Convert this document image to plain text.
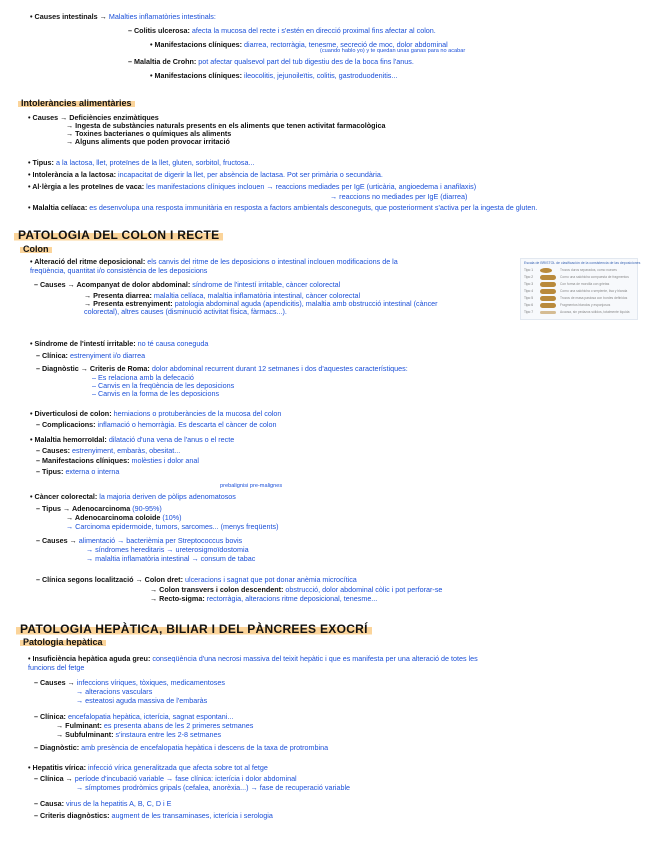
• Causes intestinals → Malalties inflamatòries intestinals:
– Colitis ulcerosa: afecta la mucosa del recte i s'estén en direcció proximal fins afectar al colon.
• Manifestacions clíniques: diarrea, rectorràgia, tenesme, secreció de moc, dolor abdominal
(cuando hablo yo) y te quedan unas ganas para no acabar
– Malaltia de Crohn: pot afectar qualsevol part del tub digestiu des de la boca fins l'anus.
• Manifestacions clíniques: ileocolitis, jejunoileïtis, colitis, gastroduodenitis...
• Causes → Deficiències enzimàtiques
→ Ingesta de substàncies naturals presents en els aliments que tenen activitat farmacològica
→ Toxines bacterianes o químiques als aliments
→ Alguns aliments que poden provocar irritació
• Tipus: a la lactosa, llet, proteïnes de la llet, gluten, sorbitol, fructosa...
• Intolerància a la lactosa: incapacitat de digerir la llet, per absència de lactasa. Pot ser primària o secundària.
• Al·lèrgia a les proteïnes de vaca: les manifestacions clíniques inclouen → reaccions mediades per IgE (urticària, angioedema i anafilaxis)
→ reaccions no mediades per IgE (diarrea)
• Malaltia celíaca: es desenvolupa una resposta immunitària en resposta a factors ambientals desconeguts, que posteriorment s'activa per la ingesta de gluten.
• Alteració del ritme deposicional: els canvis del ritme de les deposicions o intestinal inclouen modificacions de la
freqüència, quantitat i/o consistència de les deposicions
– Causes → Acompanyat de dolor abdominal: síndrome de l'intestí irritable, càncer colorectal
→ Presenta diarrea: malaltia celíaca, malaltia inflamatòria intestinal, càncer colorectal
→ Presenta estrenyiment: patologia abdominal aguda (apendicitis), malaltia amb obstrucció intestinal (càncer
colorectal), altres causes (disminució activitat física, fàrmacs...).
• Síndrome de l'intestí irritable: no té causa coneguda
– Clínica: estrenyiment i/o diarrea
– Diagnòstic → Criteris de Roma: dolor abdominal recurrent durant 12 setmanes i dos d'aquestes característiques:
– Es relaciona amb la defecació
– Canvis en la freqüència de les deposicions
– Canvis en la forma de les deposicions
• Diverticulosi de colon: herniacions o protuberàncies de la mucosa del colon
– Complicacions: inflamació o hemorràgia. Es descarta el càncer de colon
• Malaltia hemorroïdal: dilatació d'una vena de l'anus o el recte
– Causes: estrenyiment, embaràs, obesitat...
– Manifestacions clíniques: molèsties i dolor anal
– Tipus: externa o interna
prebalignisi pre-malignes
• Càncer colorectal: la majoria deriven de pòlips adenomatosos
– Tipus → Adenocarcinoma (90-95%)
→ Adenocarcinoma coloide (10%)
→ Carcinoma epidermoide, tumors, sarcomes... (menys freqüents)
– Causes → alimentació → bacterièmia per Streptococcus bovis
→ síndromes hereditaris → ureterosigmoïdostomia
→ malaltia inflamatòria intestinal → consum de tabac
– Clínica segons localització → Colon dret: ulceracions i sagnat que pot donar anèmia microcítica
→ Colon transvers i colon descendent: obstrucció, dolor abdominal còlic i pot perforar-se
→ Recto-sigma: rectorràgia, alteracions ritme deposicional, tenesme...
• Insuficiència hepàtica aguda greu: conseqüència d'una necrosi massiva del teixit hepàtic i que es manifesta per una alteració de totes les
funcions del fetge
– Causes → infeccions víriques, tòxiques, medicamentoses
→ alteracions vasculars
→ esteatosi aguda massiva de l'embaràs
– Clínica: encefalopatia hepàtica, icterícia, sagnat espontani...
→ Fulminant: es presenta abans de les 2 primeres setmanes
→ Subfulminant: s'instaura entre les 2-8 setmanes
– Diagnòstic: amb presència de encefalopatia hepàtica i descens de la taxa de protrombina
• Hepatitis vírica: infecció vírica generalitzada que afecta sobre tot al fetge
– Clínica → període d'incubació variable → fase clínica: icterícia i dolor abdominal
→ símptomes prodròmics gripals (cefalea, anorèxia...) → fase de recuperació variable
– Causa: virus de la hepatitis A, B, C, D i E
– Criteris diagnòstics: augment de les transaminases, icterícia i serologia
Intoleràncies alimentàries
PATOLOGIA DEL COLON I RECTE
Colon
PATOLOGIA HEPÀTICA, BILIAR I DEL PÀNCREES EXOCRÍ
Patologia hepàtica
Escala de BRISTOL de clasificación de la consistencia de las deposiciones
Tipo 1	Trozos duros separados, como nueces
Tipo 2	Como una salchicha compuesta de fragmentos
Tipo 3	Con forma de morcilla con grietas
Tipo 4	Como una salchicha o serpiente, lisa y blanda
Tipo 5	Trozos de masa pastosa con bordes definidos
Tipo 6	Fragmentos blandos y esponjosos
Tipo 7	Acuosa, sin pedazos sólidos, totalmente líquida
